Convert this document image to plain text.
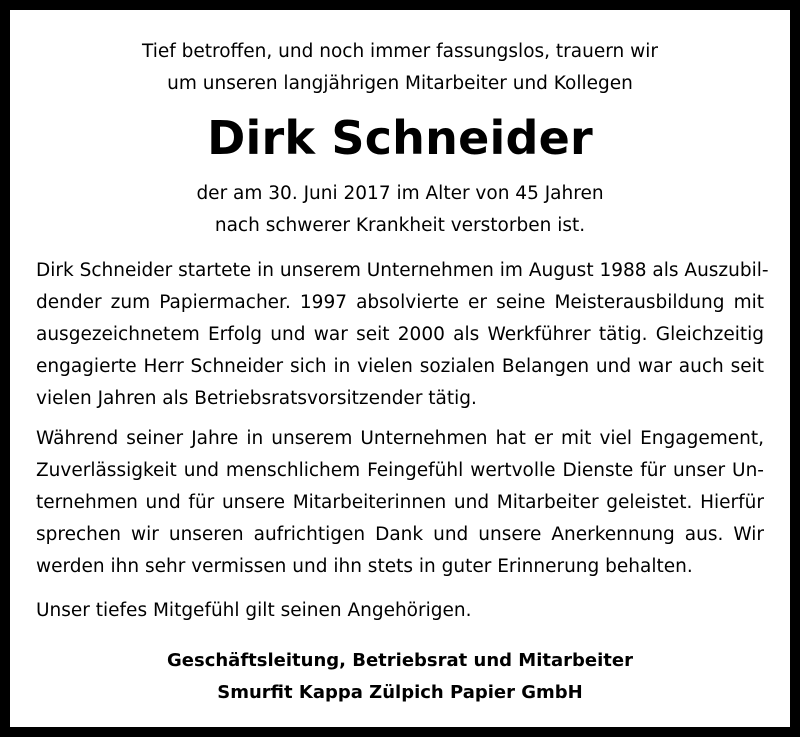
Tief betroffen, und noch immer fassungslos, trauern wir
um unseren langjährigen Mitarbeiter und Kollegen

Dirk Schneider

der am 30. Juni 2017 im Alter von 45 Jahren
nach schwerer Krankheit verstorben ist.

Dirk Schneider startete in unserem Unternehmen im August 1988 als Auszubil-
dender zum Papiermacher. 1997 absolvierte er seine Meisterausbildung mit
ausgezeichnetem Erfolg und war seit 2000 als Werkführer tätig. Gleichzeitig
engagierte Herr Schneider sich in vielen sozialen Belangen und war auch seit
vielen Jahren als Betriebsratsvorsitzender tätig.

Während seiner Jahre in unserem Unternehmen hat er mit viel Engagement,
Zuverlässigkeit und menschlichem Feingefühl wertvolle Dienste für unser Un-
ternehmen und für unsere Mitarbeiterinnen und Mitarbeiter geleistet. Hierfür
sprechen wir unseren aufrichtigen Dank und unsere Anerkennung aus. Wir
werden ihn sehr vermissen und ihn stets in guter Erinnerung behalten.

Unser tiefes Mitgefühl gilt seinen Angehörigen.

Geschäftsleitung, Betriebsrat und Mitarbeiter
Smurfit Kappa Zülpich Papier GmbH
